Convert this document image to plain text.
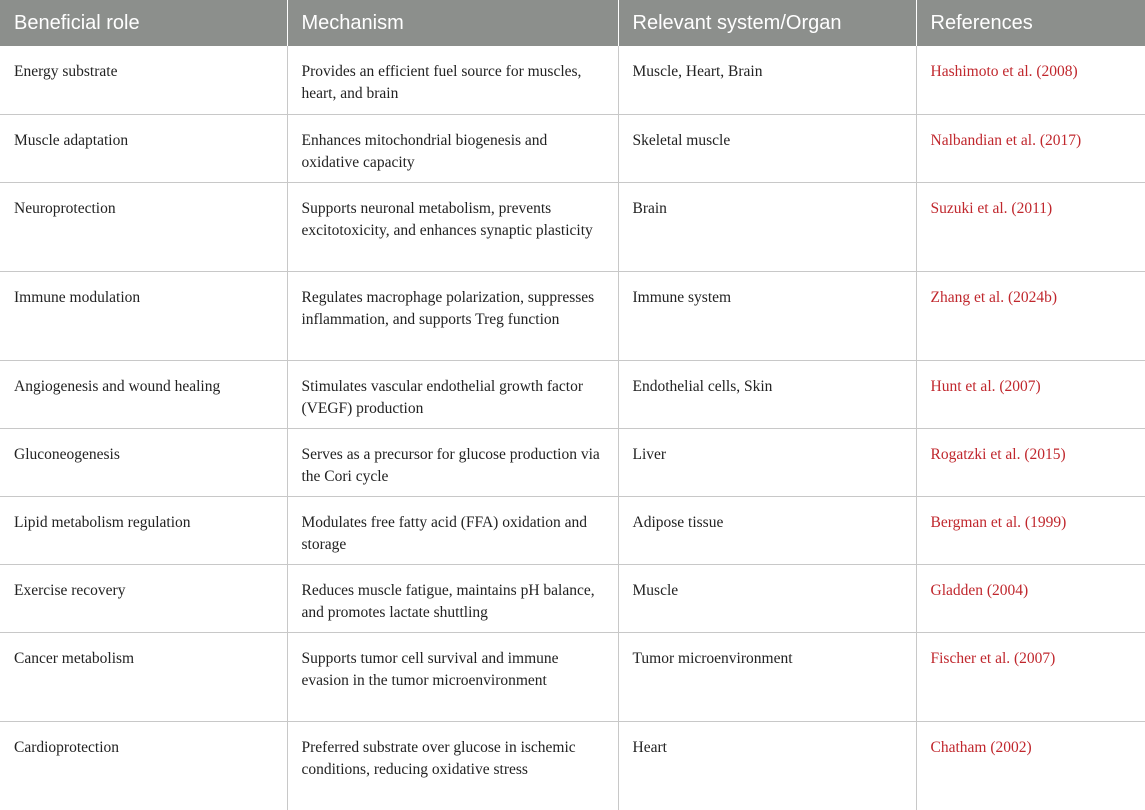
Beneficial role	Mechanism	Relevant system/Organ	References
Energy substrate	Provides an efficient fuel source for muscles, heart, and brain	Muscle, Heart, Brain	Hashimoto et al. (2008)
Muscle adaptation	Enhances mitochondrial biogenesis and oxidative capacity	Skeletal muscle	Nalbandian et al. (2017)
Neuroprotection	Supports neuronal metabolism, prevents excitotoxicity, and enhances synaptic plasticity	Brain	Suzuki et al. (2011)
Immune modulation	Regulates macrophage polarization, suppresses inflammation, and supports Treg function	Immune system	Zhang et al. (2024b)
Angiogenesis and wound healing	Stimulates vascular endothelial growth factor (VEGF) production	Endothelial cells, Skin	Hunt et al. (2007)
Gluconeogenesis	Serves as a precursor for glucose production via the Cori cycle	Liver	Rogatzki et al. (2015)
Lipid metabolism regulation	Modulates free fatty acid (FFA) oxidation and storage	Adipose tissue	Bergman et al. (1999)
Exercise recovery	Reduces muscle fatigue, maintains pH balance, and promotes lactate shuttling	Muscle	Gladden (2004)
Cancer metabolism	Supports tumor cell survival and immune evasion in the tumor microenvironment	Tumor microenvironment	Fischer et al. (2007)
Cardioprotection	Preferred substrate over glucose in ischemic conditions, reducing oxidative stress	Heart	Chatham (2002)
